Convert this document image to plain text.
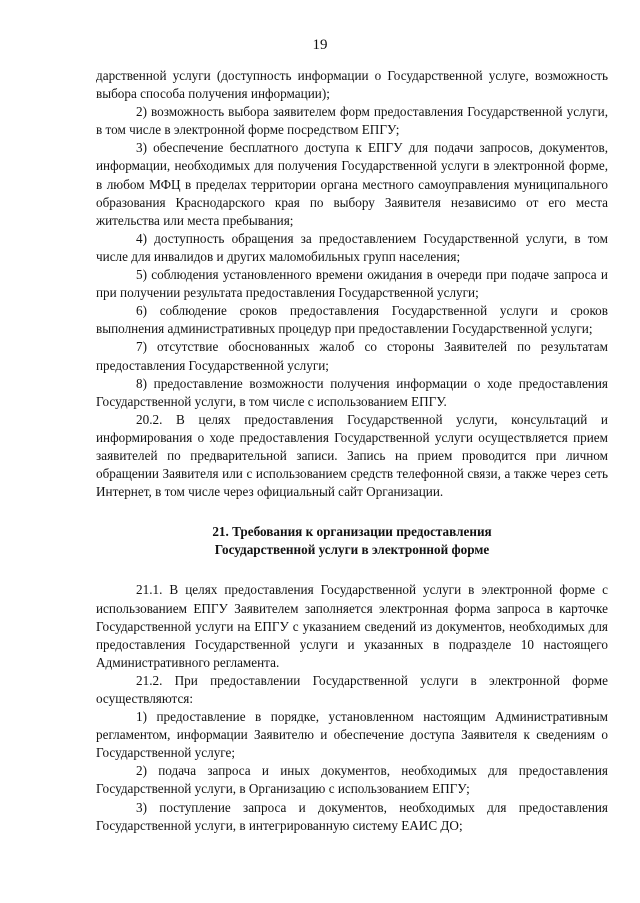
19

дарственной услуги (доступность информации о Государственной услуге, возможность выбора способа получения информации);

2) возможность выбора заявителем форм предоставления Государственной услуги, в том числе в электронной форме посредством ЕПГУ;

3) обеспечение бесплатного доступа к ЕПГУ для подачи запросов, документов, информации, необходимых для получения Государственной услуги в электронной форме, в любом МФЦ в пределах территории органа местного самоуправления муниципального образования Краснодарского края по выбору Заявителя независимо от его места жительства или места пребывания;

4) доступность обращения за предоставлением Государственной услуги, в том числе для инвалидов и других маломобильных групп населения;

5) соблюдения установленного времени ожидания в очереди при подаче запроса и при получении результата предоставления Государственной услуги;

6) соблюдение сроков предоставления Государственной услуги и сроков выполнения административных процедур при предоставлении Государственной услуги;

7) отсутствие обоснованных жалоб со стороны Заявителей по результатам предоставления Государственной услуги;

8) предоставление возможности получения информации о ходе предоставления Государственной услуги, в том числе с использованием ЕПГУ.

20.2. В целях предоставления Государственной услуги, консультаций и информирования о ходе предоставления Государственной услуги осуществляется прием заявителей по предварительной записи. Запись на прием проводится при личном обращении Заявителя или с использованием средств телефонной связи, а также через сеть Интернет, в том числе через официальный сайт Организации.

21. Требования к организации предоставления
Государственной услуги в электронной форме

21.1. В целях предоставления Государственной услуги в электронной форме с использованием ЕПГУ Заявителем заполняется электронная форма запроса в карточке Государственной услуги на ЕПГУ с указанием сведений из документов, необходимых для предоставления Государственной услуги и указанных в подразделе 10 настоящего Административного регламента.

21.2. При предоставлении Государственной услуги в электронной форме осуществляются:

1) предоставление в порядке, установленном настоящим Административным регламентом, информации Заявителю и обеспечение доступа Заявителя к сведениям о Государственной услуге;

2) подача запроса и иных документов, необходимых для предоставления Государственной услуги, в Организацию с использованием ЕПГУ;

3) поступление запроса и документов, необходимых для предоставления Государственной услуги, в интегрированную систему ЕАИС ДО;
